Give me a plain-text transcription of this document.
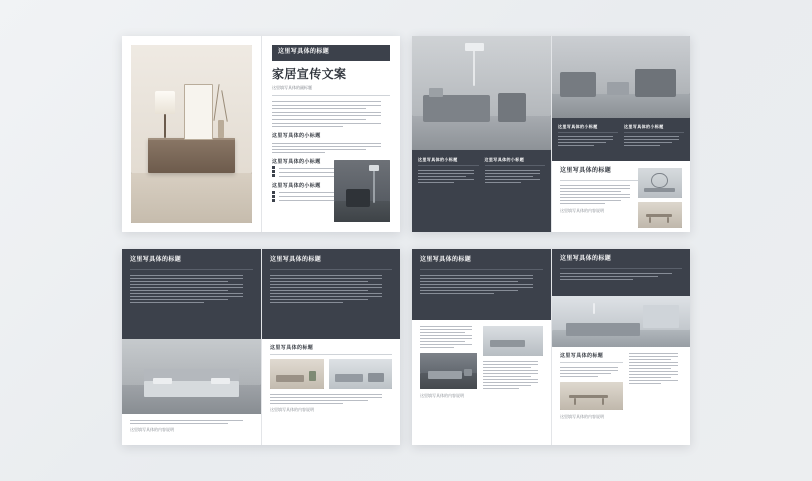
这里写具体的标题
家居宣传文案
这里填写具体的副标题
这里写具体的小标题
这里写具体的小标题
这里写具体的小标题
这里写具体的小标题	这里写具体的小标题
这里写具体的小标题	这里写具体的小标题
这里写具体的标题
这里填写具体的内容说明
这里写具体的标题
这里填写具体的内容说明
这里写具体的标题
这里写具体的标题
这里填写具体的内容说明
这里写具体的标题
这里填写具体的内容说明
这里写具体的标题
这里写具体的标题
这里填写具体的内容说明
